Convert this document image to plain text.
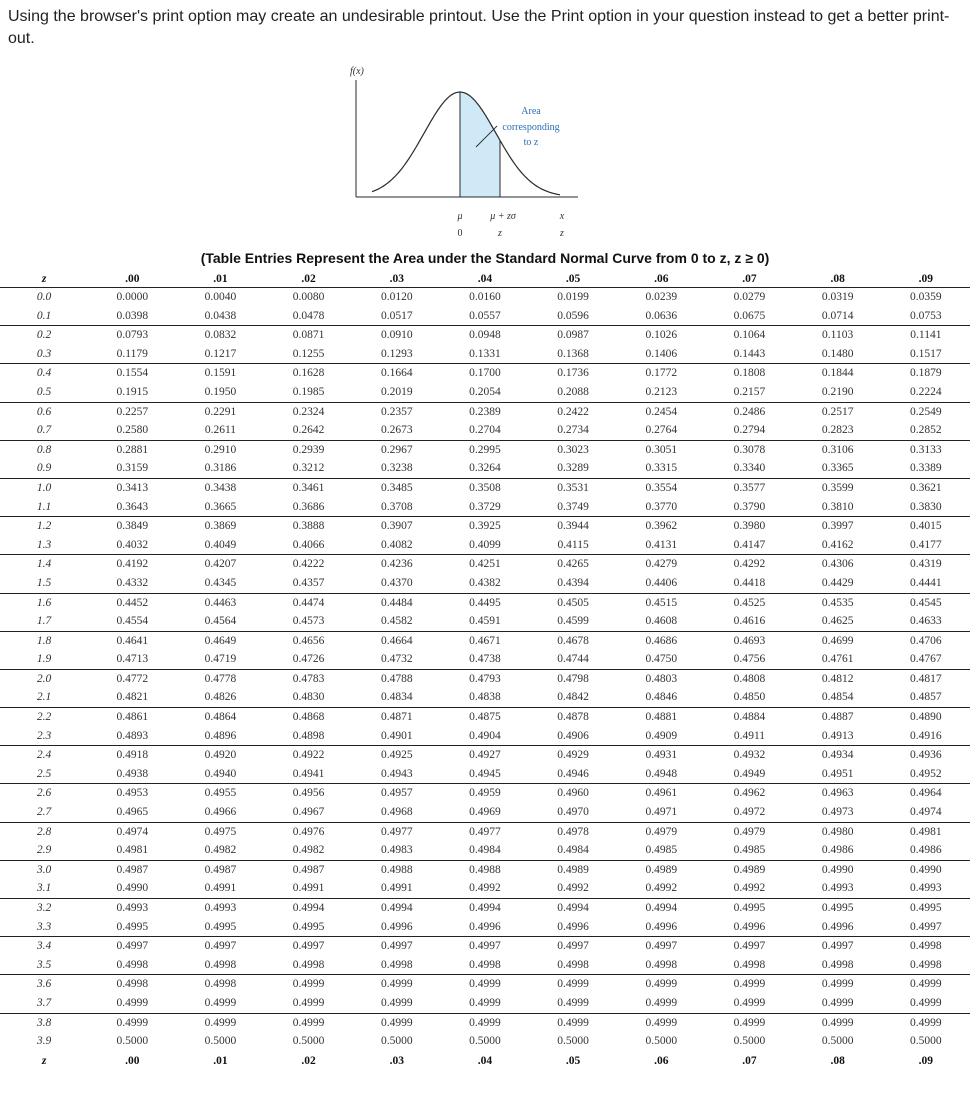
Using the browser's print option may create an undesirable printout. Use the Print option in your question instead to get a better print-out.
f(x)
Area
corresponding
to z
μ	μ + zσ	x
0	z	z
(Table Entries Represent the Area under the Standard Normal Curve from 0 to z, z ≥ 0)
z	.00	.01	.02	.03	.04	.05	.06	.07	.08	.09
0.0	0.0000	0.0040	0.0080	0.0120	0.0160	0.0199	0.0239	0.0279	0.0319	0.0359
0.1	0.0398	0.0438	0.0478	0.0517	0.0557	0.0596	0.0636	0.0675	0.0714	0.0753
0.2	0.0793	0.0832	0.0871	0.0910	0.0948	0.0987	0.1026	0.1064	0.1103	0.1141
0.3	0.1179	0.1217	0.1255	0.1293	0.1331	0.1368	0.1406	0.1443	0.1480	0.1517
0.4	0.1554	0.1591	0.1628	0.1664	0.1700	0.1736	0.1772	0.1808	0.1844	0.1879
0.5	0.1915	0.1950	0.1985	0.2019	0.2054	0.2088	0.2123	0.2157	0.2190	0.2224
0.6	0.2257	0.2291	0.2324	0.2357	0.2389	0.2422	0.2454	0.2486	0.2517	0.2549
0.7	0.2580	0.2611	0.2642	0.2673	0.2704	0.2734	0.2764	0.2794	0.2823	0.2852
0.8	0.2881	0.2910	0.2939	0.2967	0.2995	0.3023	0.3051	0.3078	0.3106	0.3133
0.9	0.3159	0.3186	0.3212	0.3238	0.3264	0.3289	0.3315	0.3340	0.3365	0.3389
1.0	0.3413	0.3438	0.3461	0.3485	0.3508	0.3531	0.3554	0.3577	0.3599	0.3621
1.1	0.3643	0.3665	0.3686	0.3708	0.3729	0.3749	0.3770	0.3790	0.3810	0.3830
1.2	0.3849	0.3869	0.3888	0.3907	0.3925	0.3944	0.3962	0.3980	0.3997	0.4015
1.3	0.4032	0.4049	0.4066	0.4082	0.4099	0.4115	0.4131	0.4147	0.4162	0.4177
1.4	0.4192	0.4207	0.4222	0.4236	0.4251	0.4265	0.4279	0.4292	0.4306	0.4319
1.5	0.4332	0.4345	0.4357	0.4370	0.4382	0.4394	0.4406	0.4418	0.4429	0.4441
1.6	0.4452	0.4463	0.4474	0.4484	0.4495	0.4505	0.4515	0.4525	0.4535	0.4545
1.7	0.4554	0.4564	0.4573	0.4582	0.4591	0.4599	0.4608	0.4616	0.4625	0.4633
1.8	0.4641	0.4649	0.4656	0.4664	0.4671	0.4678	0.4686	0.4693	0.4699	0.4706
1.9	0.4713	0.4719	0.4726	0.4732	0.4738	0.4744	0.4750	0.4756	0.4761	0.4767
2.0	0.4772	0.4778	0.4783	0.4788	0.4793	0.4798	0.4803	0.4808	0.4812	0.4817
2.1	0.4821	0.4826	0.4830	0.4834	0.4838	0.4842	0.4846	0.4850	0.4854	0.4857
2.2	0.4861	0.4864	0.4868	0.4871	0.4875	0.4878	0.4881	0.4884	0.4887	0.4890
2.3	0.4893	0.4896	0.4898	0.4901	0.4904	0.4906	0.4909	0.4911	0.4913	0.4916
2.4	0.4918	0.4920	0.4922	0.4925	0.4927	0.4929	0.4931	0.4932	0.4934	0.4936
2.5	0.4938	0.4940	0.4941	0.4943	0.4945	0.4946	0.4948	0.4949	0.4951	0.4952
2.6	0.4953	0.4955	0.4956	0.4957	0.4959	0.4960	0.4961	0.4962	0.4963	0.4964
2.7	0.4965	0.4966	0.4967	0.4968	0.4969	0.4970	0.4971	0.4972	0.4973	0.4974
2.8	0.4974	0.4975	0.4976	0.4977	0.4977	0.4978	0.4979	0.4979	0.4980	0.4981
2.9	0.4981	0.4982	0.4982	0.4983	0.4984	0.4984	0.4985	0.4985	0.4986	0.4986
3.0	0.4987	0.4987	0.4987	0.4988	0.4988	0.4989	0.4989	0.4989	0.4990	0.4990
3.1	0.4990	0.4991	0.4991	0.4991	0.4992	0.4992	0.4992	0.4992	0.4993	0.4993
3.2	0.4993	0.4993	0.4994	0.4994	0.4994	0.4994	0.4994	0.4995	0.4995	0.4995
3.3	0.4995	0.4995	0.4995	0.4996	0.4996	0.4996	0.4996	0.4996	0.4996	0.4997
3.4	0.4997	0.4997	0.4997	0.4997	0.4997	0.4997	0.4997	0.4997	0.4997	0.4998
3.5	0.4998	0.4998	0.4998	0.4998	0.4998	0.4998	0.4998	0.4998	0.4998	0.4998
3.6	0.4998	0.4998	0.4999	0.4999	0.4999	0.4999	0.4999	0.4999	0.4999	0.4999
3.7	0.4999	0.4999	0.4999	0.4999	0.4999	0.4999	0.4999	0.4999	0.4999	0.4999
3.8	0.4999	0.4999	0.4999	0.4999	0.4999	0.4999	0.4999	0.4999	0.4999	0.4999
3.9	0.5000	0.5000	0.5000	0.5000	0.5000	0.5000	0.5000	0.5000	0.5000	0.5000
z	.00	.01	.02	.03	.04	.05	.06	.07	.08	.09
